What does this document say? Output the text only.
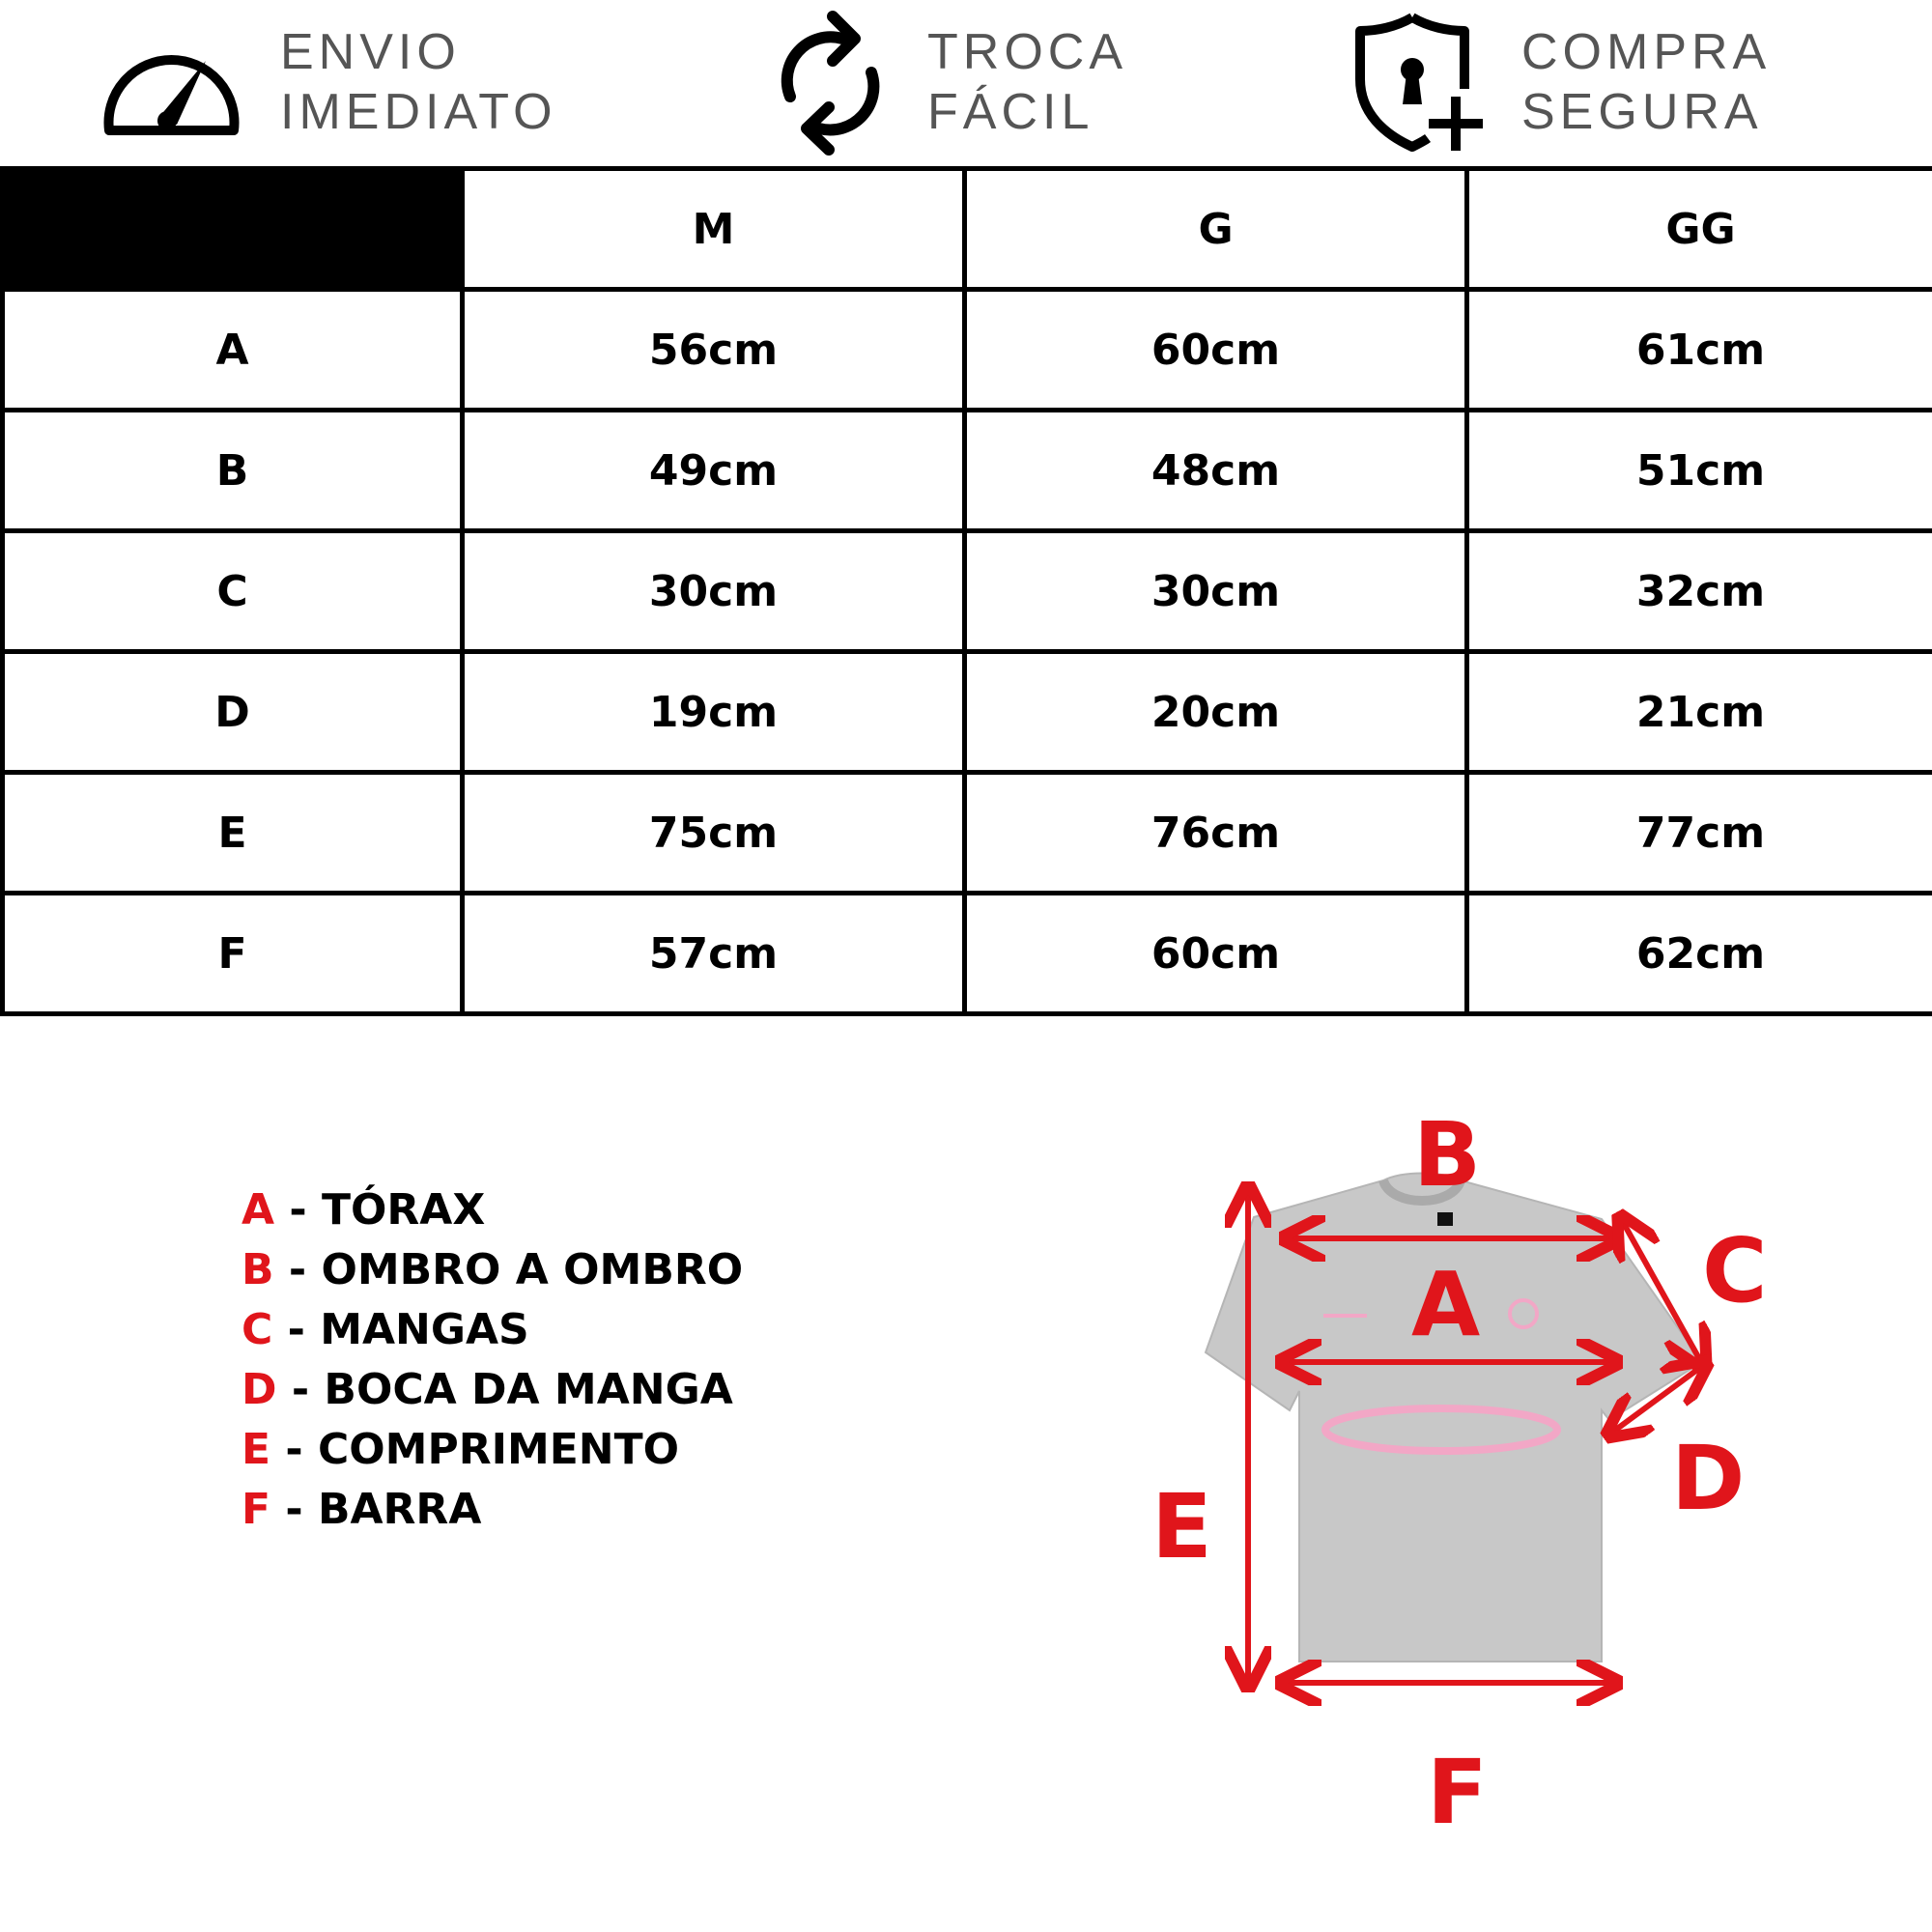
ENVIO
IMEDIATO
TROCA
FÁCIL
COMPRA
SEGURA
	M	G	GG
A	56cm	60cm	61cm
B	49cm	48cm	51cm
C	30cm	30cm	32cm
D	19cm	20cm	21cm
E	75cm	76cm	77cm
F	57cm	60cm	62cm
A - TÓRAX
B - OMBRO A OMBRO
C - MANGAS
D - BOCA DA MANGA
E - COMPRIMENTO
F - BARRA
B
A C
D
E
F
